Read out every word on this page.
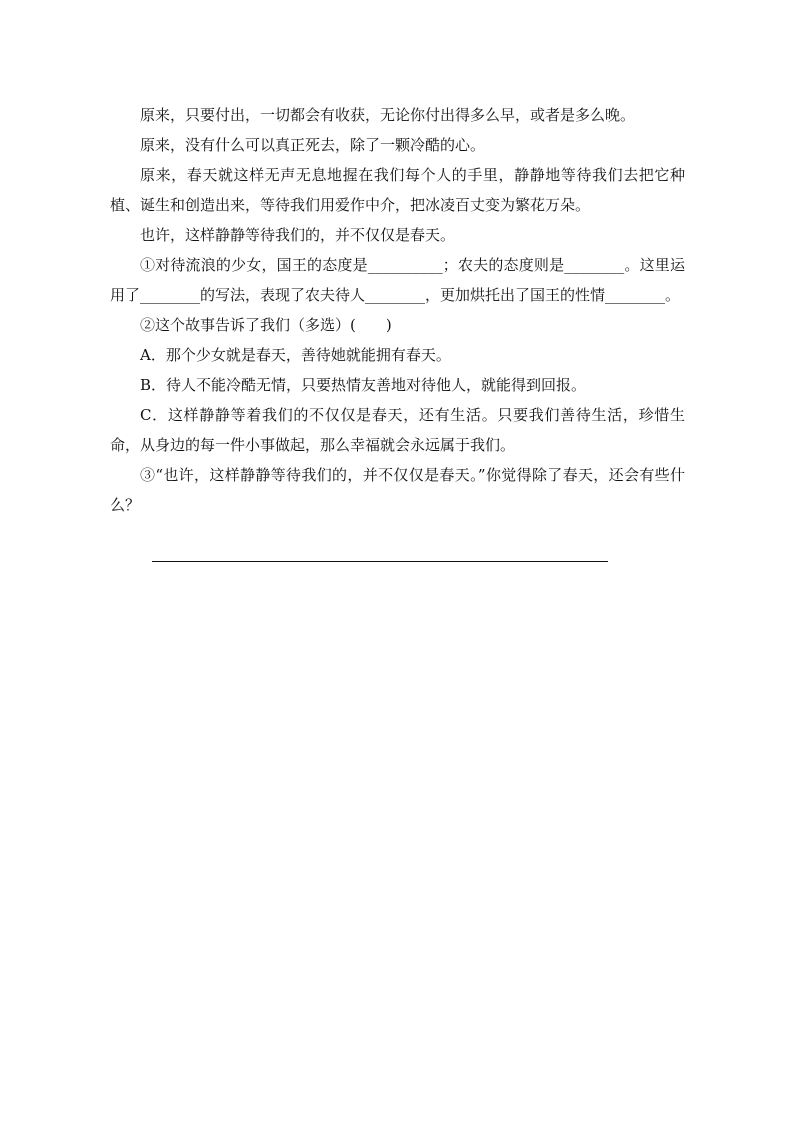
原来，只要付出，一切都会有收获，无论你付出得多么早，或者是多么晚。

原来，没有什么可以真正死去，除了一颗冷酷的心。

原来，春天就这样无声无息地握在我们每个人的手里，静静地等待我们去把它种植、诞生和创造出来，等待我们用爱作中介，把冰凌百丈变为繁花万朵。

也许，这样静静等待我们的，并不仅仅是春天。

①对待流浪的少女，国王的态度是__________；农夫的态度则是________。这里运用了________的写法，表现了农夫待人________，更加烘托出了国王的性情________。

②这个故事告诉了我们（多选）(　　)

A．那个少女就是春天，善待她就能拥有春天。

B．待人不能冷酷无情，只要热情友善地对待他人，就能得到回报。

C．这样静静等着我们的不仅仅是春天，还有生活。只要我们善待生活，珍惜生命，从身边的每一件小事做起，那么幸福就会永远属于我们。

③“也许，这样静静等待我们的，并不仅仅是春天。”你觉得除了春天，还会有些什么？
